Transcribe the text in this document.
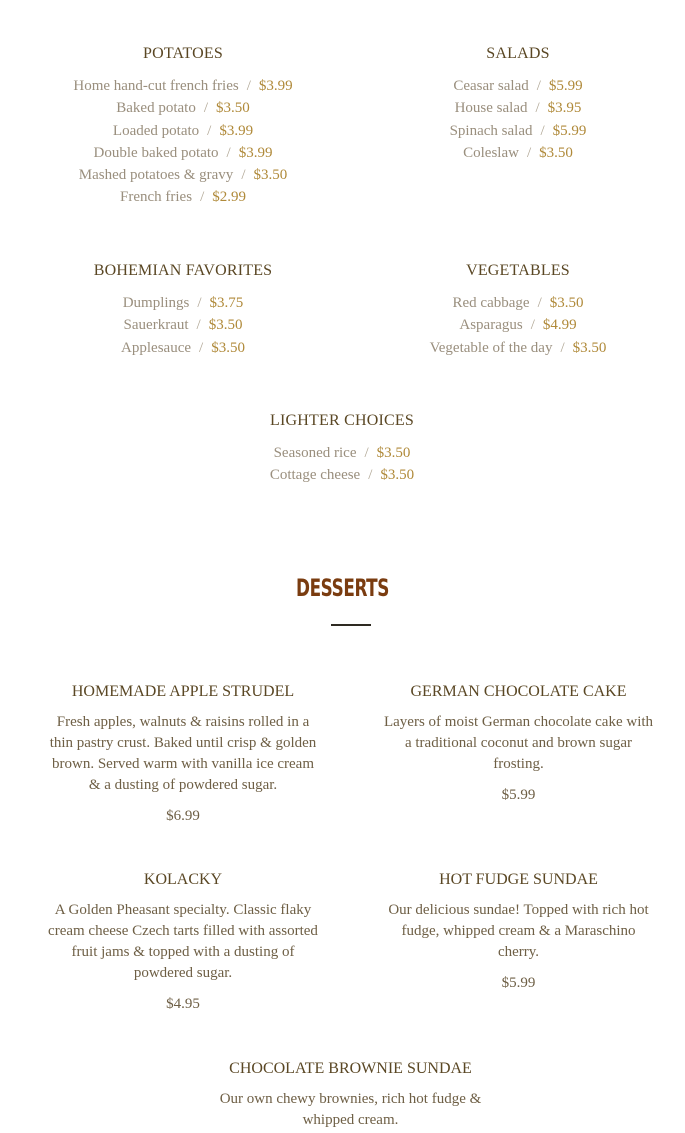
POTATOES
Home hand-cut french fries / $3.99
Baked potato / $3.50
Loaded potato / $3.99
Double baked potato / $3.99
Mashed potatoes & gravy / $3.50
French fries / $2.99
SALADS
Ceasar salad / $5.99
House salad / $3.95
Spinach salad / $5.99
Coleslaw / $3.50
BOHEMIAN FAVORITES
Dumplings / $3.75
Sauerkraut / $3.50
Applesauce / $3.50
VEGETABLES
Red cabbage / $3.50
Asparagus / $4.99
Vegetable of the day / $3.50
LIGHTER CHOICES
Seasoned rice / $3.50
Cottage cheese / $3.50
DESSERTS
HOMEMADE APPLE STRUDEL
Fresh apples, walnuts & raisins rolled in a thin pastry crust. Baked until crisp & golden brown. Served warm with vanilla ice cream & a dusting of powdered sugar.
$6.99
GERMAN CHOCOLATE CAKE
Layers of moist German chocolate cake with a traditional coconut and brown sugar frosting.
$5.99
KOLACKY
A Golden Pheasant specialty. Classic flaky cream cheese Czech tarts filled with assorted fruit jams & topped with a dusting of powdered sugar.
$4.95
HOT FUDGE SUNDAE
Our delicious sundae! Topped with rich hot fudge, whipped cream & a Maraschino cherry.
$5.99
CHOCOLATE BROWNIE SUNDAE
Our own chewy brownies, rich hot fudge & whipped cream.
